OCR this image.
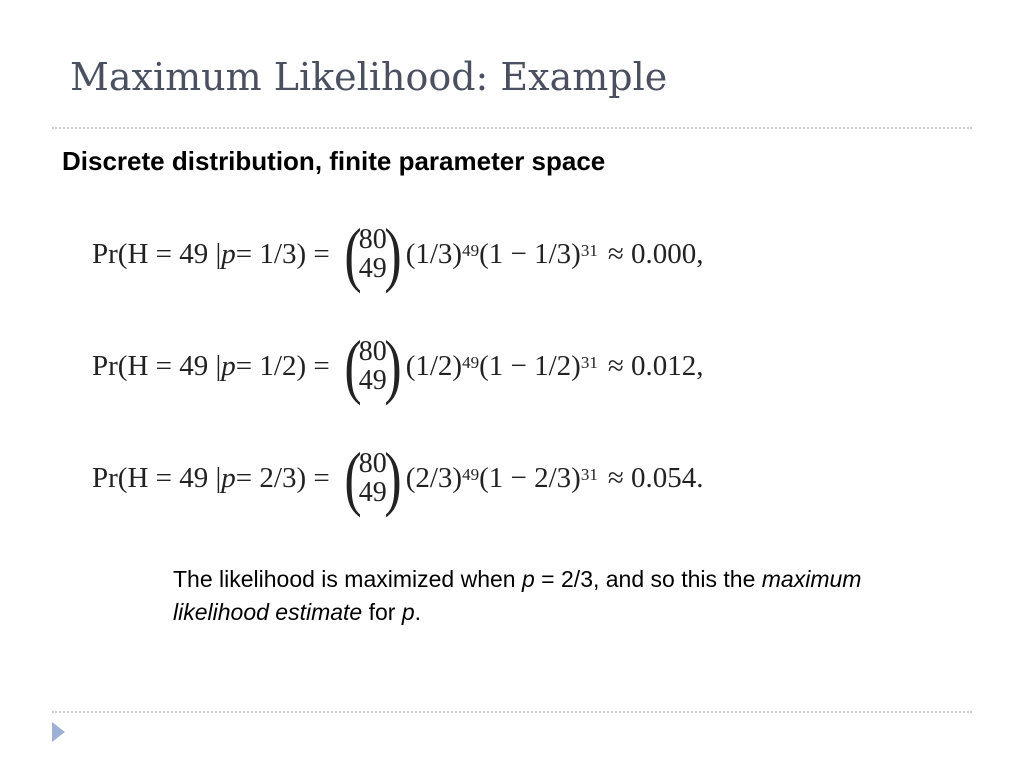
Maximum Likelihood: Example
Discrete distribution, finite parameter space
Pr(H = 49 | p = 1/3) = (
80
49
) $(1/3)^{49}$ $(1 - 1/3)^{31} \approx 0.000$,
Pr(H = 49 | p = 1/2) = (
80
49
) $(1/2)^{49}$ $(1 - 1/2)^{31} \approx 0.012$,
Pr(H = 49 | p = 2/3) = (
80
49
) $(2/3)^{49}$ $(1 - 2/3)^{31} \approx 0.054$.
The likelihood is maximized when p = 2/3, and so this the maximum likelihood estimate for p.
